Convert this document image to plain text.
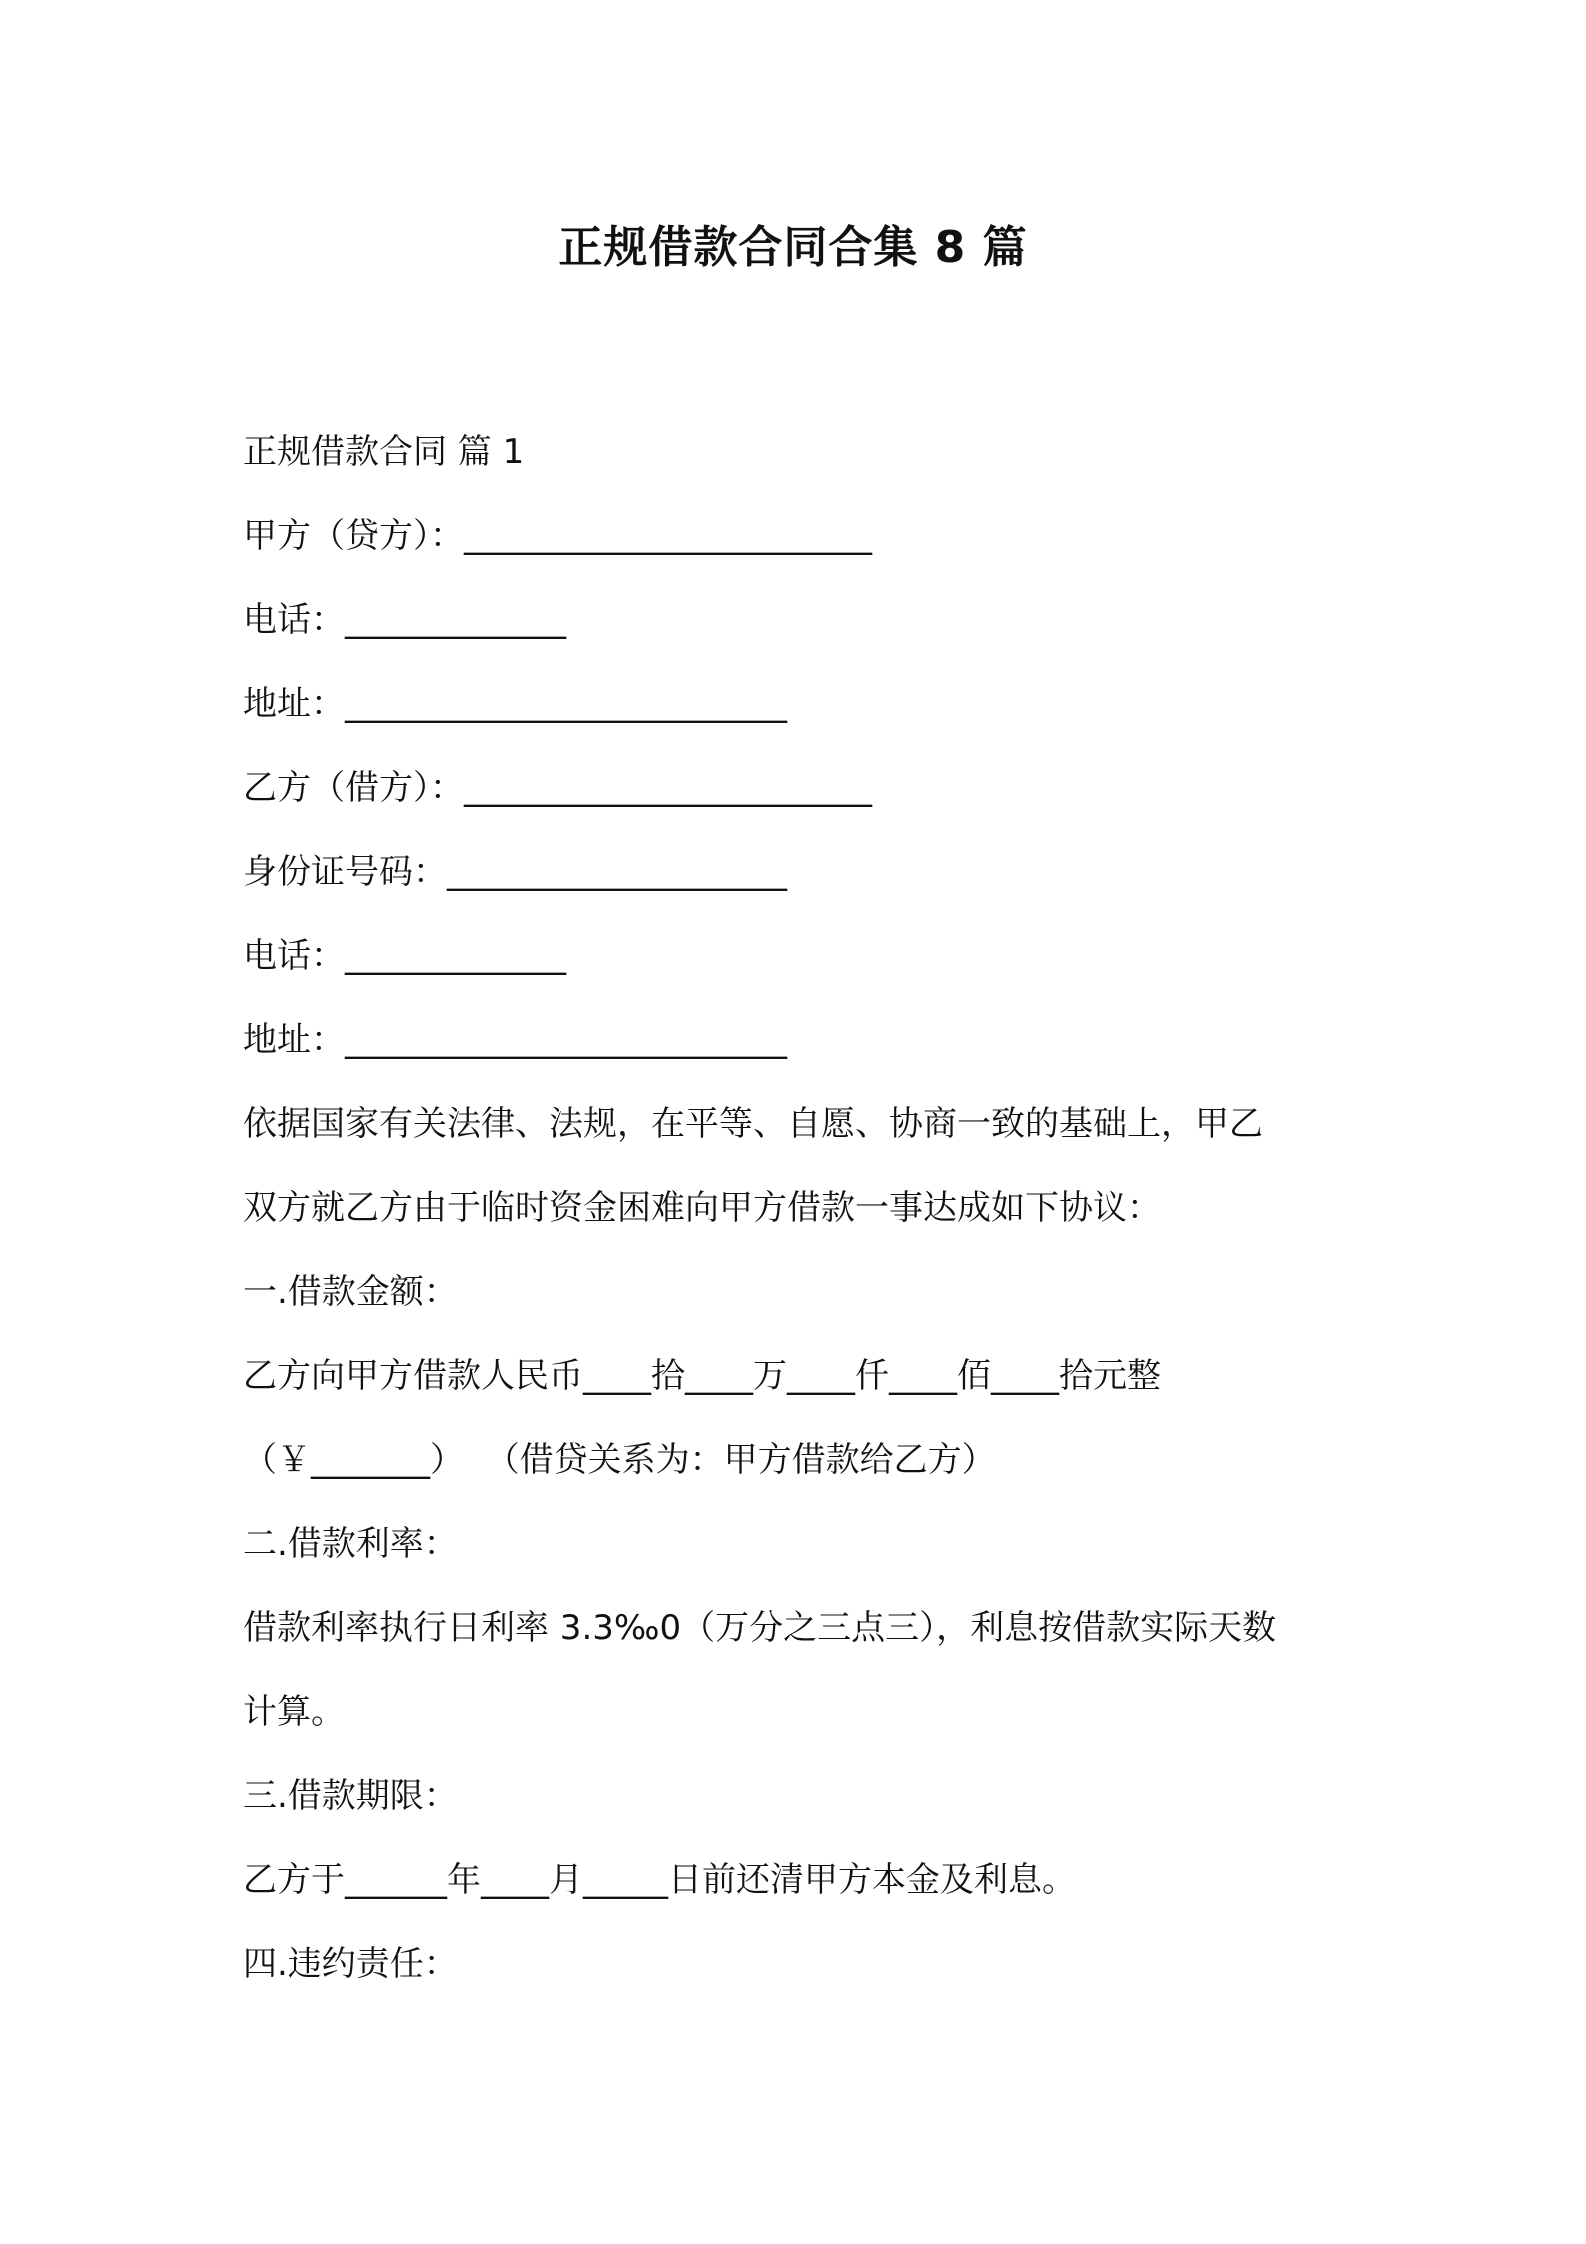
正规借款合同合集 8 篇

正规借款合同 篇 1

甲方（贷方）：________________________

电话：_____________

地址：__________________________

乙方（借方）：________________________

身份证号码：____________________

电话：_____________

地址：__________________________

依据国家有关法律、法规，在平等、自愿、协商一致的基础上，甲乙

双方就乙方由于临时资金困难向甲方借款一事达成如下协议：

一.借款金额：

乙方向甲方借款人民币____拾____万____仟____佰____拾元整

（￥_______）  （借贷关系为：甲方借款给乙方）

二.借款利率：

借款利率执行日利率 3.3‰0（万分之三点三），利息按借款实际天数

计算。

三.借款期限：

乙方于______年____月_____日前还清甲方本金及利息。

四.违约责任：
